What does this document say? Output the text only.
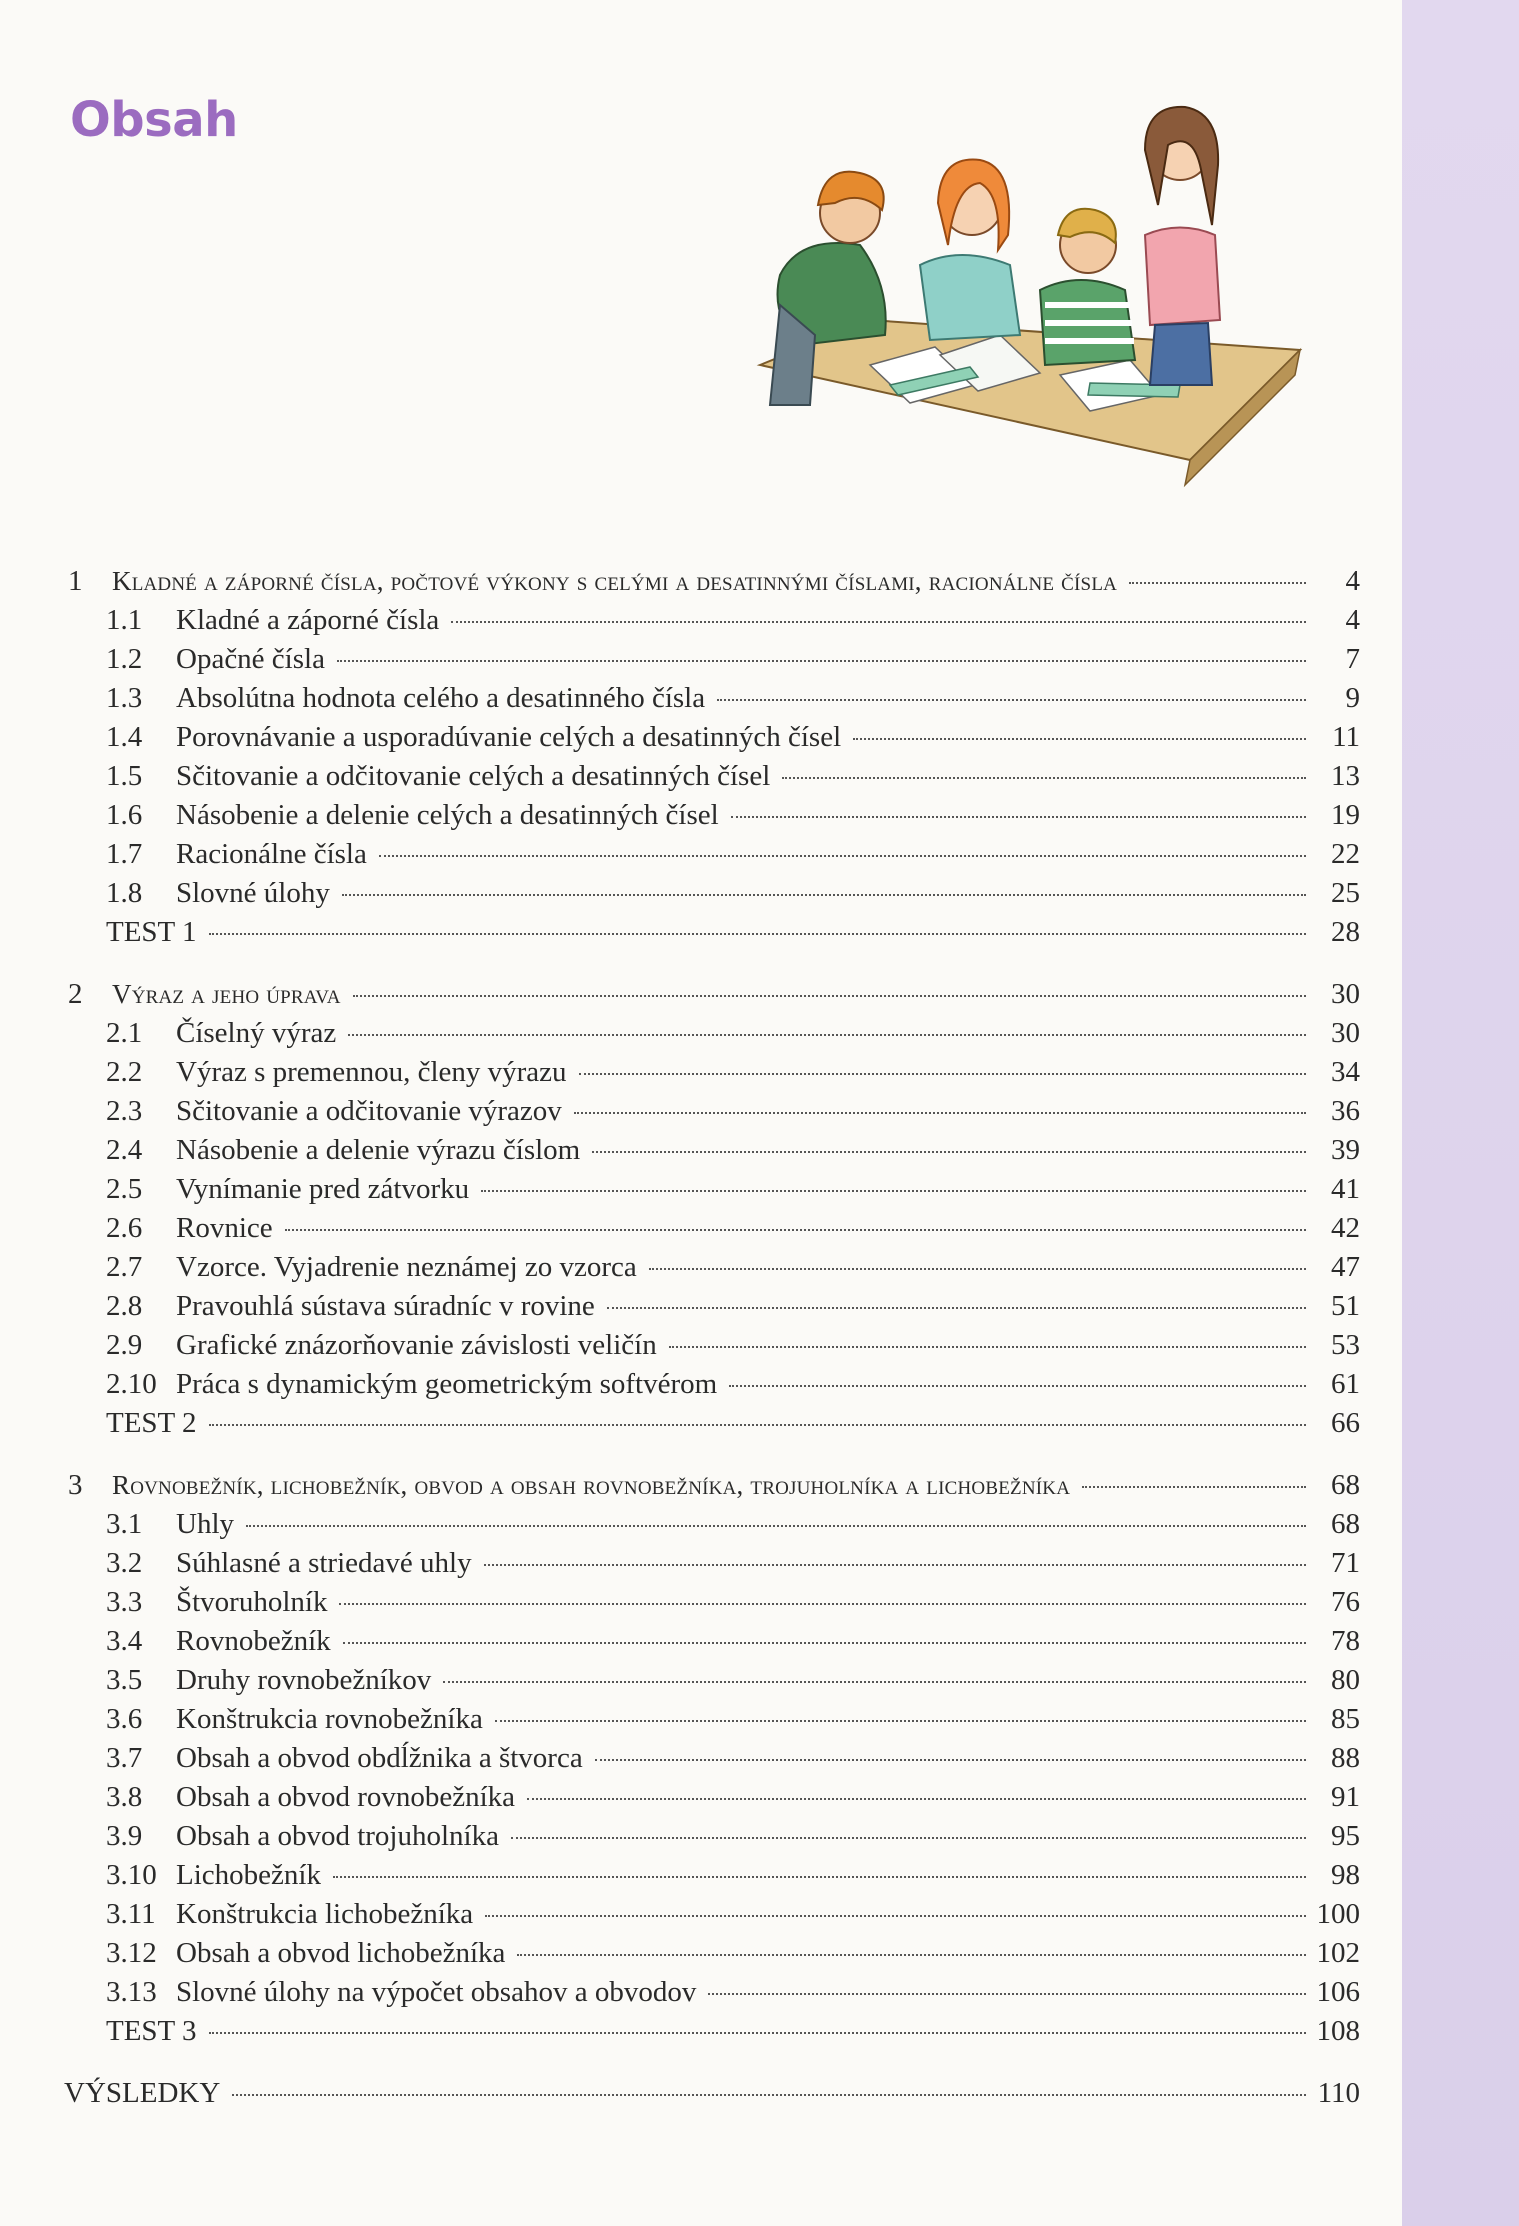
Obsah
1	Kladné a záporné čísla, počtové výkony s celými a desatinnými číslami, racionálne čísla	4
1.1	Kladné a záporné čísla	4
1.2	Opačné čísla	7
1.3	Absolútna hodnota celého a desatinného čísla	9
1.4	Porovnávanie a usporadúvanie celých a desatinných čísel	11
1.5	Sčitovanie a odčitovanie celých a desatinných čísel	13
1.6	Násobenie a delenie celých a desatinných čísel	19
1.7	Racionálne čísla	22
1.8	Slovné úlohy	25
TEST 1	28
2	Výraz a jeho úprava	30
2.1	Číselný výraz	30
2.2	Výraz s premennou, členy výrazu	34
2.3	Sčitovanie a odčitovanie výrazov	36
2.4	Násobenie a delenie výrazu číslom	39
2.5	Vynímanie pred zátvorku	41
2.6	Rovnice	42
2.7	Vzorce. Vyjadrenie neznámej zo vzorca	47
2.8	Pravouhlá sústava súradníc v rovine	51
2.9	Grafické znázorňovanie závislosti veličín	53
2.10 Práca s dynamickým geometrickým softvérom	61
TEST 2	66
3	Rovnobežník, lichobežník, obvod a obsah rovnobežníka, trojuholníka a lichobežníka	68
3.1	Uhly	68
3.2	Súhlasné a striedavé uhly	71
3.3	Štvoruholník	76
3.4	Rovnobežník	78
3.5	Druhy rovnobežníkov	80
3.6	Konštrukcia rovnobežníka	85
3.7	Obsah a obvod obdĺžnika a štvorca	88
3.8	Obsah a obvod rovnobežníka	91
3.9	Obsah a obvod trojuholníka	95
3.10 Lichobežník	98
3.11 Konštrukcia lichobežníka	100
3.12 Obsah a obvod lichobežníka	102
3.13 Slovné úlohy na výpočet obsahov a obvodov	106
TEST 3	108
VÝSLEDKY	110
